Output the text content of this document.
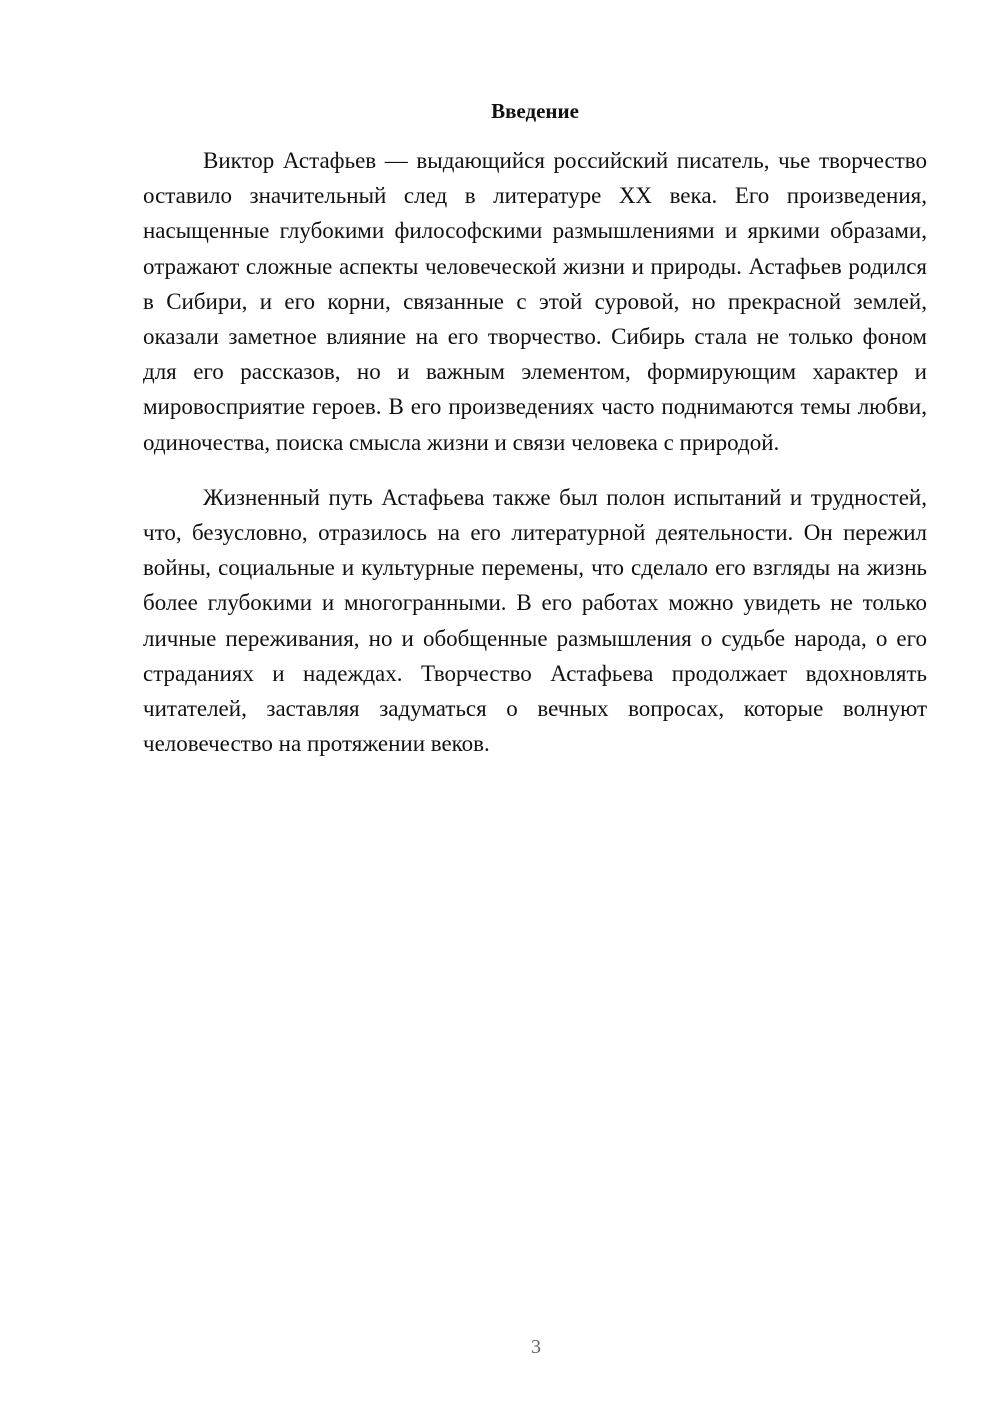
Введение

Виктор Астафьев — выдающийся российский писатель, чье творчество оставило значительный след в литературе XX века. Его произведения, насыщенные глубокими философскими размышлениями и яркими образами, отражают сложные аспекты человеческой жизни и природы. Астафьев родился в Сибири, и его корни, связанные с этой суровой, но прекрасной землей, оказали заметное влияние на его творчество. Сибирь стала не только фоном для его рассказов, но и важным элементом, формирующим характер и мировосприятие героев. В его произведениях часто поднимаются темы любви, одиночества, поиска смысла жизни и связи человека с природой.

Жизненный путь Астафьева также был полон испытаний и трудностей, что, безусловно, отразилось на его литературной деятельности. Он пережил войны, социальные и культурные перемены, что сделало его взгляды на жизнь более глубокими и многогранными. В его работах можно увидеть не только личные переживания, но и обобщенные размышления о судьбе народа, о его страданиях и надеждах. Творчество Астафьева продолжает вдохновлять читателей, заставляя задуматься о вечных вопросах, которые волнуют человечество на протяжении веков.

3
